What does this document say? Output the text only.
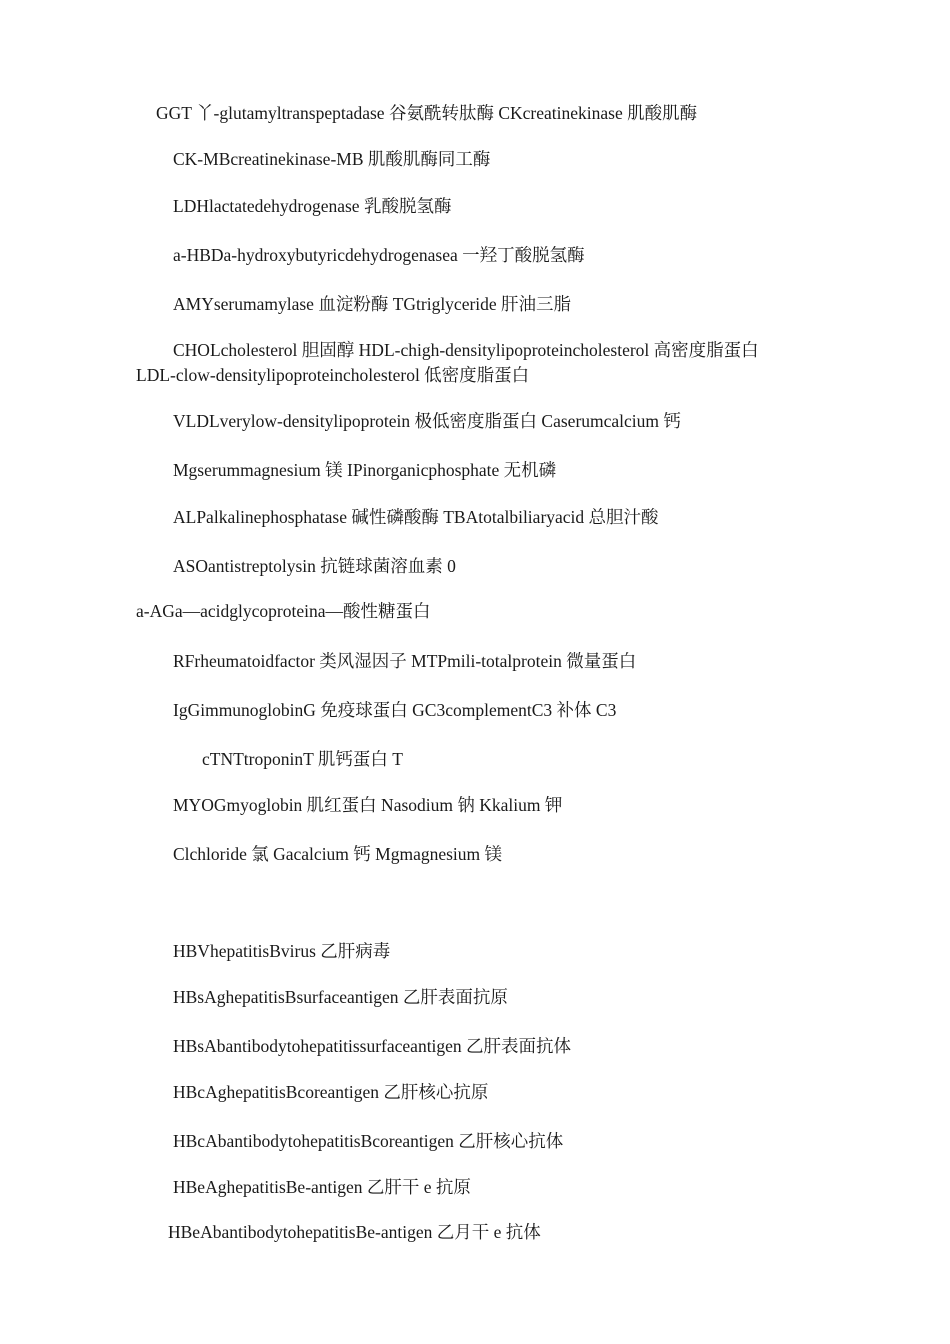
GGT 丫-glutamyltranspeptadase 谷氨酰转肽酶 CKcreatinekinase 肌酸肌酶
CK-MBcreatinekinase-MB 肌酸肌酶同工酶
LDHlactatedehydrogenase 乳酸脱氢酶
a-HBDa-hydroxybutyricdehydrogenasea 一羟丁酸脱氢酶
AMYserumamylase 血淀粉酶 TGtriglyceride 肝油三脂
CHOLcholesterol 胆固醇 HDL-chigh-densitylipoproteincholesterol 高密度脂蛋白
LDL-clow-densitylipoproteincholesterol 低密度脂蛋白
VLDLverylow-densitylipoprotein 极低密度脂蛋白 Caserumcalcium 钙
Mgserummagnesium 镁 IPinorganicphosphate 无机磷
ALPalkalinephosphatase 碱性磷酸酶 TBAtotalbiliaryacid 总胆汁酸
ASOantistreptolysin 抗链球菌溶血素 0
a-AGa—acidglycoproteina—酸性糖蛋白
RFrheumatoidfactor 类风湿因子 MTPmili-totalprotein 微量蛋白
IgGimmunoglobinG 免疫球蛋白 GC3complementC3 补体 C3
cTNTtroponinT 肌钙蛋白 T
MYOGmyoglobin 肌红蛋白 Nasodium 钠 Kkalium 钾
Clchloride 氯 Gacalcium 钙 Mgmagnesium 镁
HBVhepatitisBvirus 乙肝病毒
HBsAghepatitisBsurfaceantigen 乙肝表面抗原
HBsAbantibodytohepatitissurfaceantigen 乙肝表面抗体
HBcAghepatitisBcoreantigen 乙肝核心抗原
HBcAbantibodytohepatitisBcoreantigen 乙肝核心抗体
HBeAghepatitisBe-antigen 乙肝干 e 抗原
HBeAbantibodytohepatitisBe-antigen 乙月干 e 抗体
